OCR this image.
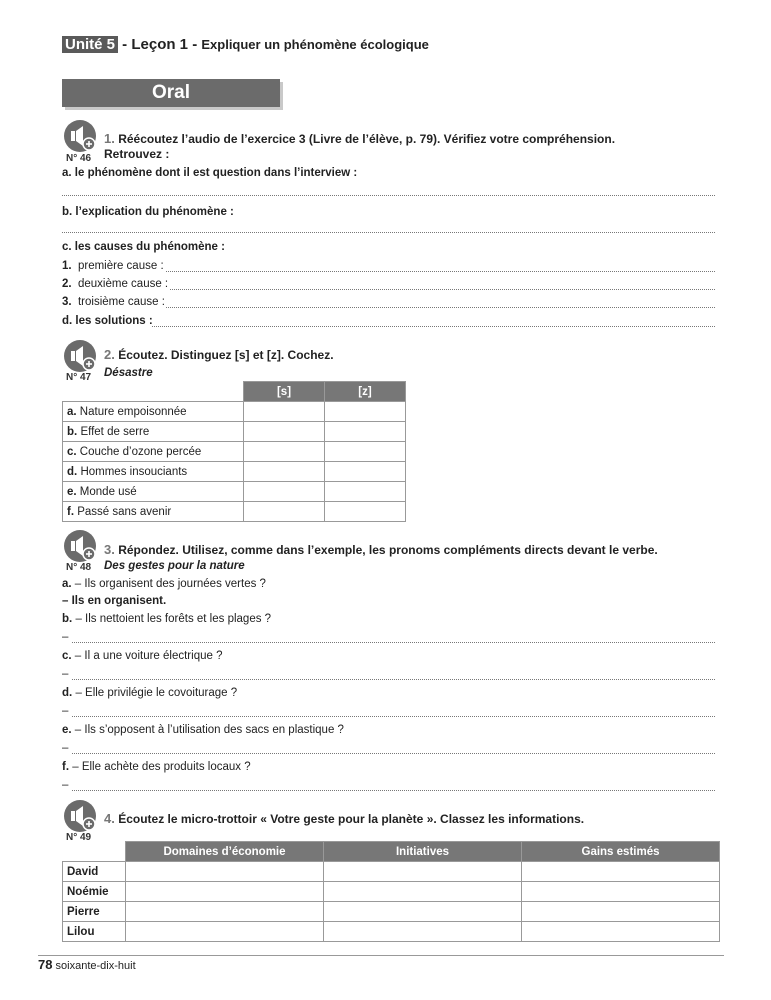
Unité 5 - Leçon 1 - Expliquer un phénomène écologique
Oral
N° 46
1. Réécoutez l’audio de l’exercice 3 (Livre de l’élève, p. 79). Vérifiez votre compréhension.
Retrouvez :
a. le phénomène dont il est question dans l’interview :
b. l’explication du phénomène :
c. les causes du phénomène :
1. première cause :
2. deuxième cause :
3. troisième cause :
d. les solutions :
N° 47
2. Écoutez. Distinguez [s] et [z]. Cochez.
Désastre
	[s]	[z]
a. Nature empoisonnée		
b. Effet de serre		
c. Couche d’ozone percée		
d. Hommes insouciants		
e. Monde usé		
f. Passé sans avenir		
N° 48
3. Répondez. Utilisez, comme dans l’exemple, les pronoms compléments directs devant le verbe.
Des gestes pour la nature
a. – Ils organisent des journées vertes ?
– Ils en organisent.
b. – Ils nettoient les forêts et les plages ?
–
c. – Il a une voiture électrique ?
–
d. – Elle privilégie le covoiturage ?
–
e. – Ils s’opposent à l’utilisation des sacs en plastique ?
–
f. – Elle achète des produits locaux ?
–
N° 49
4. Écoutez le micro-trottoir « Votre geste pour la planète ». Classez les informations.
	Domaines d’économie	Initiatives	Gains estimés
David			
Noémie			
Pierre			
Lilou			
78 soixante-dix-huit
